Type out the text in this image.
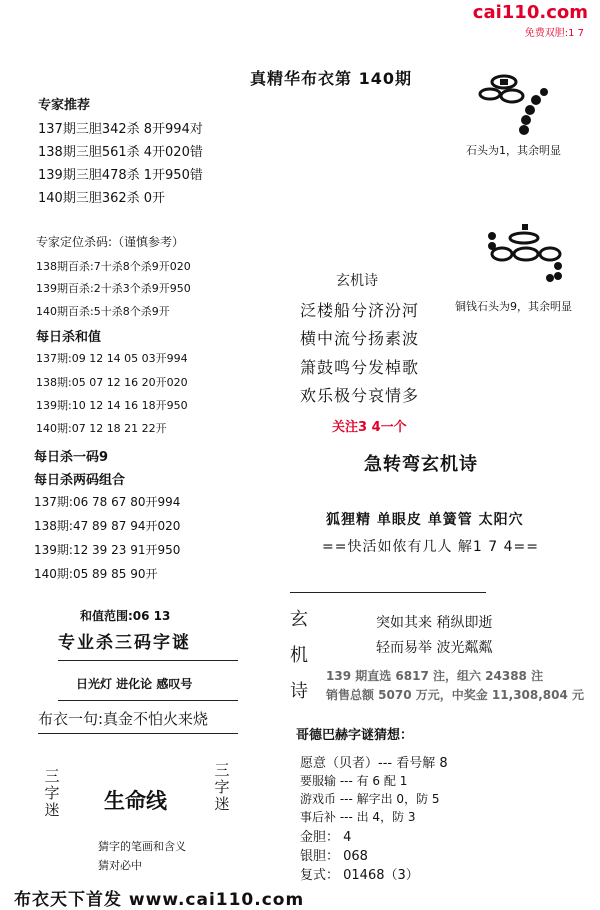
cai110.com
免费双胆:1 7
真精华布衣第 140期
专家推荐
137期三胆342杀 8开994对
138期三胆561杀 4开020错
139期三胆478杀 1开950错
140期三胆362杀 0开
专家定位杀码:（谨慎参考）
138期百杀:7十杀8个杀9开020
139期百杀:2十杀3个杀9开950
140期百杀:5十杀8个杀9开
每日杀和值
137期:09 12 14 05 03开994
138期:05 07 12 16 20开020
139期:10 12 14 16 18开950
140期:07 12 18 21 22开
每日杀一码9
每日杀两码组合
137期:06 78 67 80开994
138期:47 89 87 94开020
139期:12 39 23 91开950
140期:05 89 85 90开
和值范围:06 13
专业杀三码字谜
日光灯 进化论 感叹号
布衣一句:真金不怕火来烧
三字迷 生命线
三字迷
猜字的笔画和含义
猜对必中
石头为1，其余明显
铜钱石头为9，其余明显
玄机诗
泛楼船兮济汾河
横中流兮扬素波
箫鼓鸣兮发棹歌
欢乐极兮哀情多
关注3 4一个
急转弯玄机诗
狐狸精 单眼皮 单簧管 太阳穴
==快活如侬有几人 解1 7 4==
玄机诗
突如其来 稍纵即逝
轻而易举 波光粼粼
139 期直选 6817 注，组六 24388 注
销售总额 5070 万元，中奖金 11,308,804 元
哥德巴赫字谜猜想：
愿意（贝者）--- 看号解 8
要服输 --- 有 6 配 1
游戏币 --- 解字出 0，防 5
事后补 --- 出 4，防 3
金胆： 4
银胆： 068
复式： 01468（3）
布衣天下首发 www.cai110.com
